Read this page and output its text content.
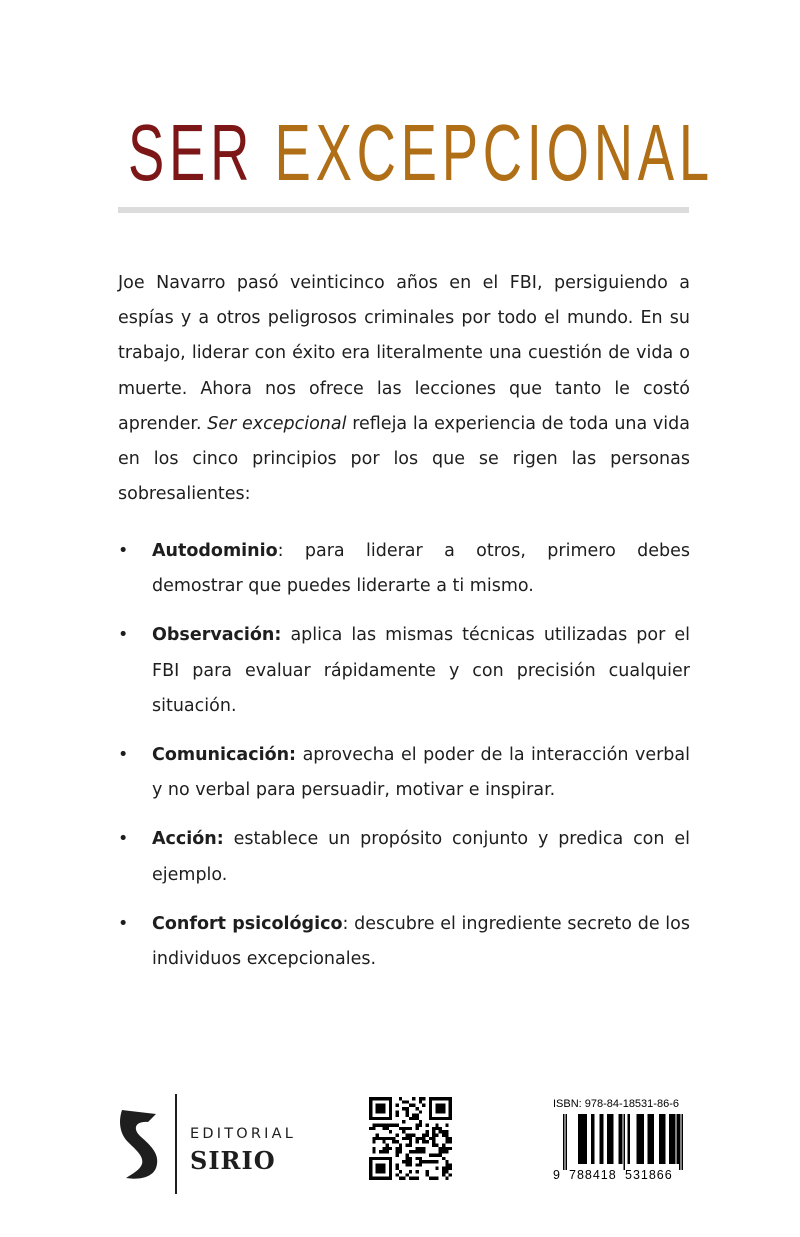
SER EXCEPCIONAL

Joe Navarro pasó veinticinco años en el FBI, persiguiendo a espías y a otros peligrosos criminales por todo el mundo. En su trabajo, liderar con éxito era literalmente una cuestión de vida o muerte. Ahora nos ofrece las lecciones que tanto le costó aprender. Ser excepcional refleja la experiencia de toda una vida en los cinco principios por los que se rigen las personas sobresalientes:

• Autodominio: para liderar a otros, primero debes demostrar que puedes liderarte a ti mismo.
• Observación: aplica las mismas técnicas utilizadas por el FBI para evaluar rápidamente y con precisión cualquier situación.
• Comunicación: aprovecha el poder de la interacción verbal y no verbal para persuadir, motivar e inspirar.
• Acción: establece un propósito conjunto y predica con el ejemplo.
• Confort psicológico: descubre el ingrediente secreto de los individuos excepcionales.
EDITORIAL
SIRIO
ISBN: 978-84-18531-86-6
9 788418 531866
